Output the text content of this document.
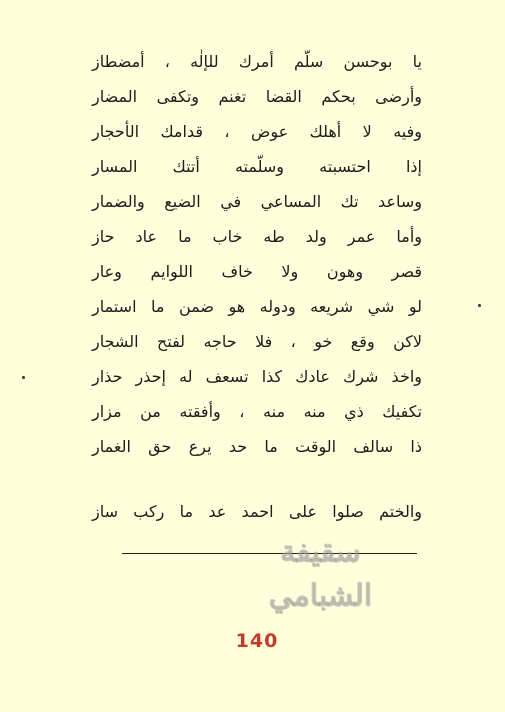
يا بوحسن سلّم أمرك للإلٰه ، أمضطاز
وأرضى بحكم القضا تغنم وتكفى المضار
وفيه لا أهلك عوض ، قدامك الأحجار
إذا احتسبته وسلّمته أتتك المسار
وساعد تك المساعي في الضيع والضمار
وأما عمر ولد طه خاب ما عاد حاز
قصر وهون ولا خاف اللوايم وعار
لو شي شريعه ودوله هو ضمن ما استمار
لاكن وقع خو ، فلا حاجه لفتح الشجار
واخذ شرك عادك كذا تسعف له إحذر حذار
تكفيك ذي منه منه ، وأفقته من مزار
ذا سالف الوقت ما حد يرع حق الغمار
والختم صلوا على احمد عد ما ركب ساز
سقيفة الشبامي
140
